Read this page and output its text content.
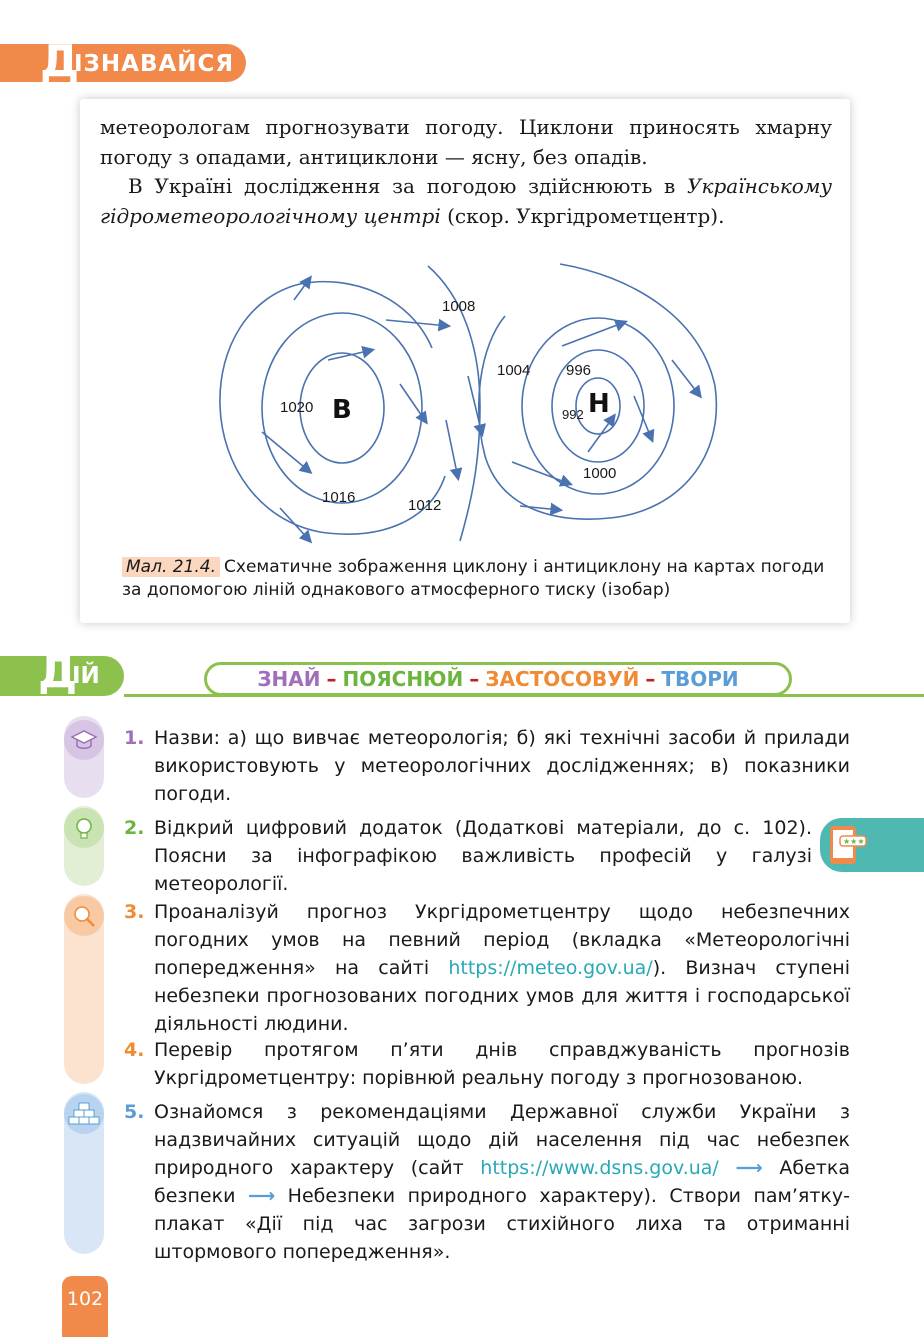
Д
ІЗНАВАЙСЯ

метеорологам прогнозувати погоду. Циклони приносять хмарну погоду з опадами, антициклони — ясну, без опадів.

В Україні дослідження за погодою здійснюють в Українському гідрометеорологічному центрі (скор. Укргідрометцентр).

1020
1016	1012
1008
1004 996
992
1000
В	Н
Мал. 21.4. Схематичне зображення циклону і антициклону на картах погоди за допомогою ліній однакового атмосферного тиску (ізобар)
Д
ІЙ	ЗНАЙ – ПОЯСНЮЙ – ЗАСТОСОВУЙ – ТВОРИ
1. Назви: а) що вивчає метеорологія; б) які технічні засоби й прилади використовують у метеорологічних дослідженнях; в) показники погоди.
2. Відкрий цифровий додаток (Додаткові матеріали, до с. 102). Поясни за інфографікою важливість професій у галузі метеорології.
3. Проаналізуй прогноз Укргідрометцентру щодо небезпечних погодних умов на певний період (вкладка «Метеорологічні попередження» на сайті https://meteo.gov.ua/). Визнач ступені небезпеки прогнозованих погодних умов для життя і господарської діяльності людини.
4. Перевір протягом п’яти днів справджуваність прогнозів Укргідрометцентру: порівнюй реальну погоду з прогнозованою.
5. Ознайомся з рекомендаціями Державної служби України з надзвичайних ситуацій щодо дій населення під час небезпек природного характеру (сайт https://www.dsns.gov.ua/ ⟶ Абетка безпеки ⟶ Небезпеки природного характеру). Створи пам’ятку-плакат «Дії під час загрози стихійного лиха та отриманні штормового попередження».
★★★
102
